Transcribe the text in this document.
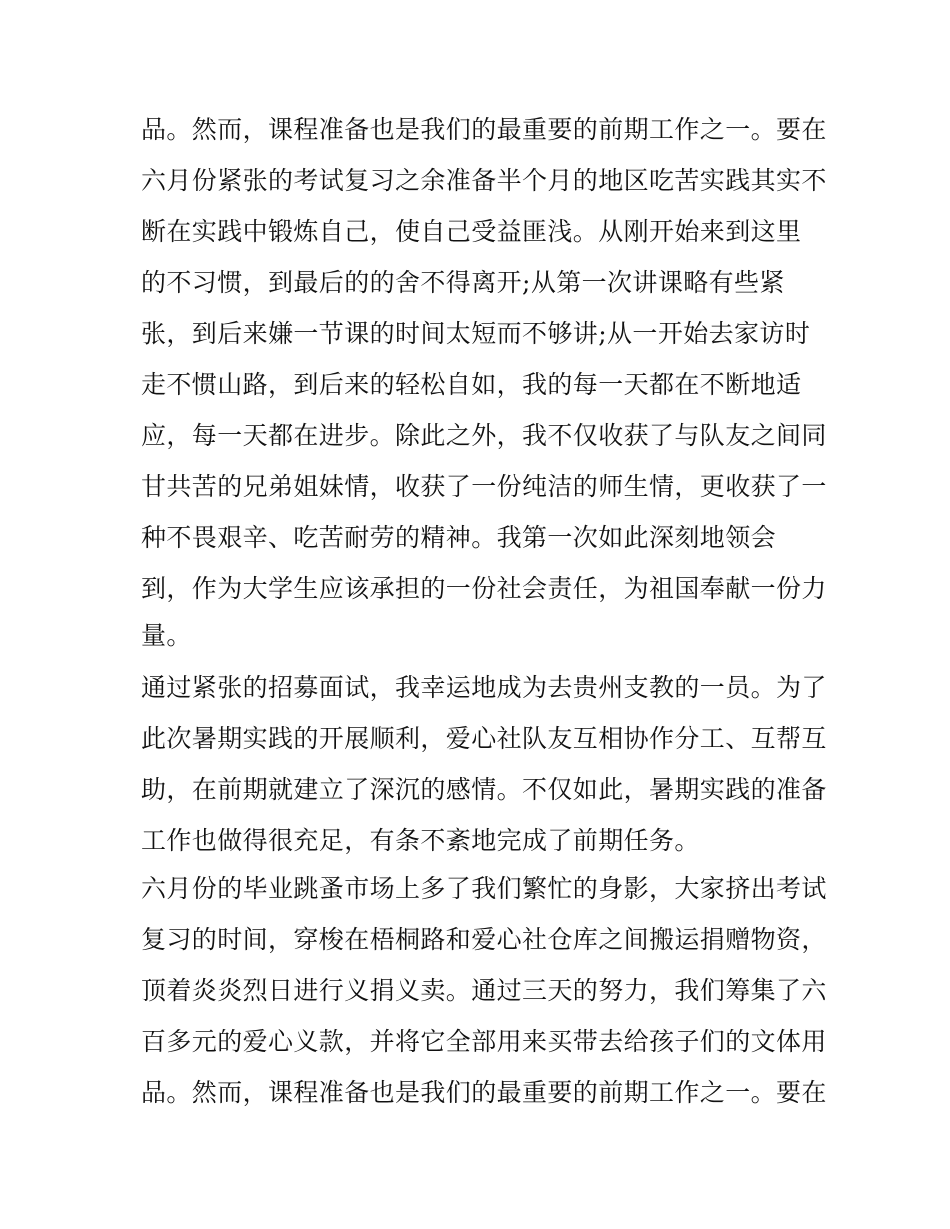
品。然而，课程准备也是我们的最重要的前期工作之一。要在
六月份紧张的考试复习之余准备半个月的地区吃苦实践其实不
断在实践中锻炼自己，使自己受益匪浅。从刚开始来到这里
的不习惯，到最后的的舍不得离开;从第一次讲课略有些紧
张，到后来嫌一节课的时间太短而不够讲;从一开始去家访时
走不惯山路，到后来的轻松自如，我的每一天都在不断地适
应，每一天都在进步。除此之外，我不仅收获了与队友之间同
甘共苦的兄弟姐妹情，收获了一份纯洁的师生情，更收获了一
种不畏艰辛、吃苦耐劳的精神。我第一次如此深刻地领会
到，作为大学生应该承担的一份社会责任，为祖国奉献一份力
量。
通过紧张的招募面试，我幸运地成为去贵州支教的一员。为了
此次暑期实践的开展顺利，爱心社队友互相协作分工、互帮互
助，在前期就建立了深沉的感情。不仅如此，暑期实践的准备
工作也做得很充足，有条不紊地完成了前期任务。
六月份的毕业跳蚤市场上多了我们繁忙的身影，大家挤出考试
复习的时间，穿梭在梧桐路和爱心社仓库之间搬运捐赠物资，
顶着炎炎烈日进行义捐义卖。通过三天的努力，我们筹集了六
百多元的爱心义款，并将它全部用来买带去给孩子们的文体用
品。然而，课程准备也是我们的最重要的前期工作之一。要在
